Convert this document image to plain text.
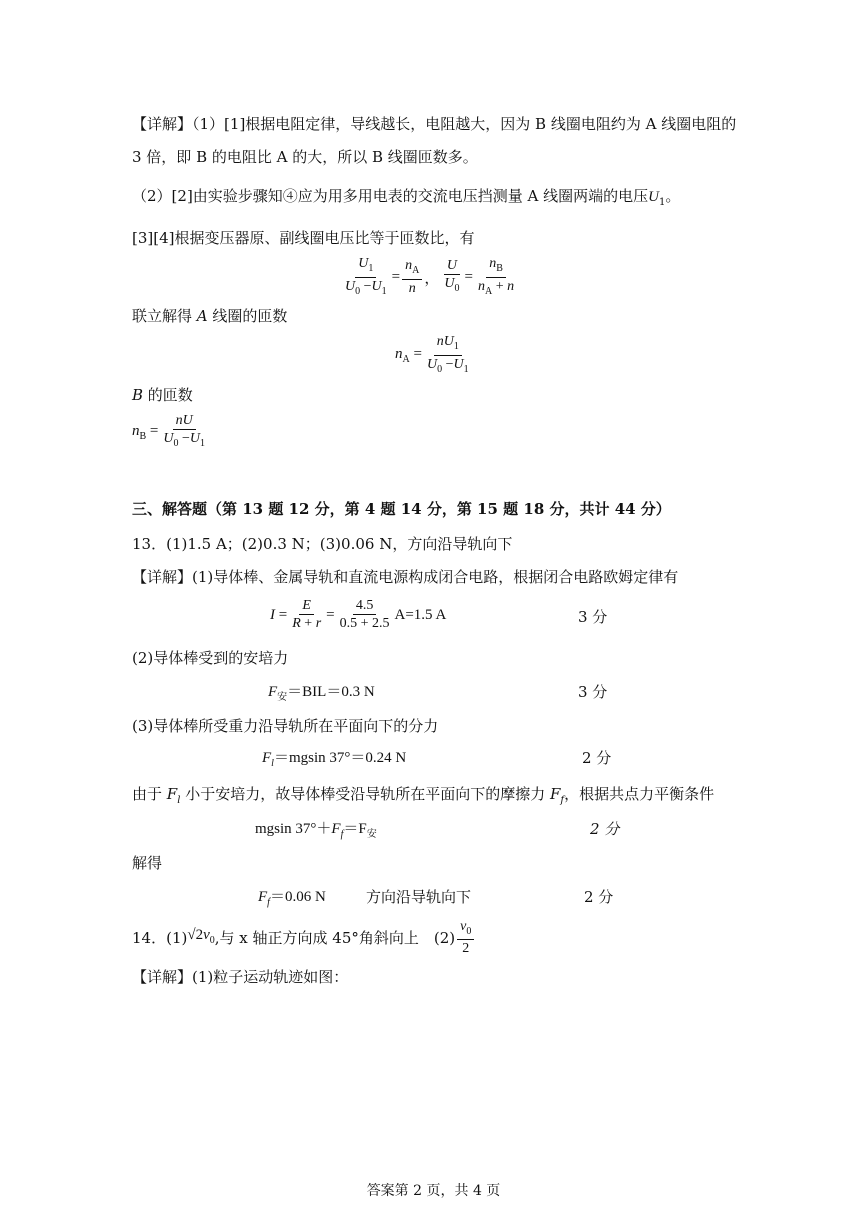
【详解】（1）[1]根据电阻定律，导线越长，电阻越大，因为 B 线圈电阻约为 A 线圈电阻的
3 倍，即 B 的电阻比 A 的大，所以 B 线圈匝数多。
（2）[2]由实验步骤知④应为用多用电表的交流电压挡测量 A 线圈两端的电压$U_1$。
[3][4]根据变压器原、副线圈电压比等于匝数比，有
$\frac{U_1}{U_0 -U_1} = \frac{n_A}{n}$ ， $\frac{U}{U_0} = \frac{n_B}{n_A + n}$
联立解得 A 线圈的匝数
$n_A = \frac{nU_1}{U_0 -U_1}$
B 的匝数
$n_B = \frac{nU}{U_0 -U_1}$
三、解答题（第 13 题 12 分，第 4 题 14 分，第 15 题 18 分，共计 44 分）
13．(1)1.5 A；(2)0.3 N；(3)0.06 N，方向沿导轨向下
【详解】(1)导体棒、金属导轨和直流电源构成闭合电路，根据闭合电路欧姆定律有
$I = \frac{E}{R + r} = \frac{4.5}{0.5 + 2.5} A=1.5$ A	3 分
(2)导体棒受到的安培力
$F_安=BIL=0.3$ N	3 分
(3)导体棒所受重力沿导轨所在平面向下的分力
$F_l=mgsin$ 37°＝0.24 N	2 分
由于 $F_l$ 小于安培力，故导体棒受沿导轨所在平面向下的摩擦力 $F_f$，根据共点力平衡条件
mgsin $37^\circ+F_f=F_安$	2 分
解得
$F_f=0.06$ N	方向沿导轨向下	2 分
14．(1) $√2v_0$ ,与 x 轴正方向成 45°角斜向上　$(2) \frac{v_0}{2}$
【详解】(1)粒子运动轨迹如图：
答案第 2 页，共 4 页
